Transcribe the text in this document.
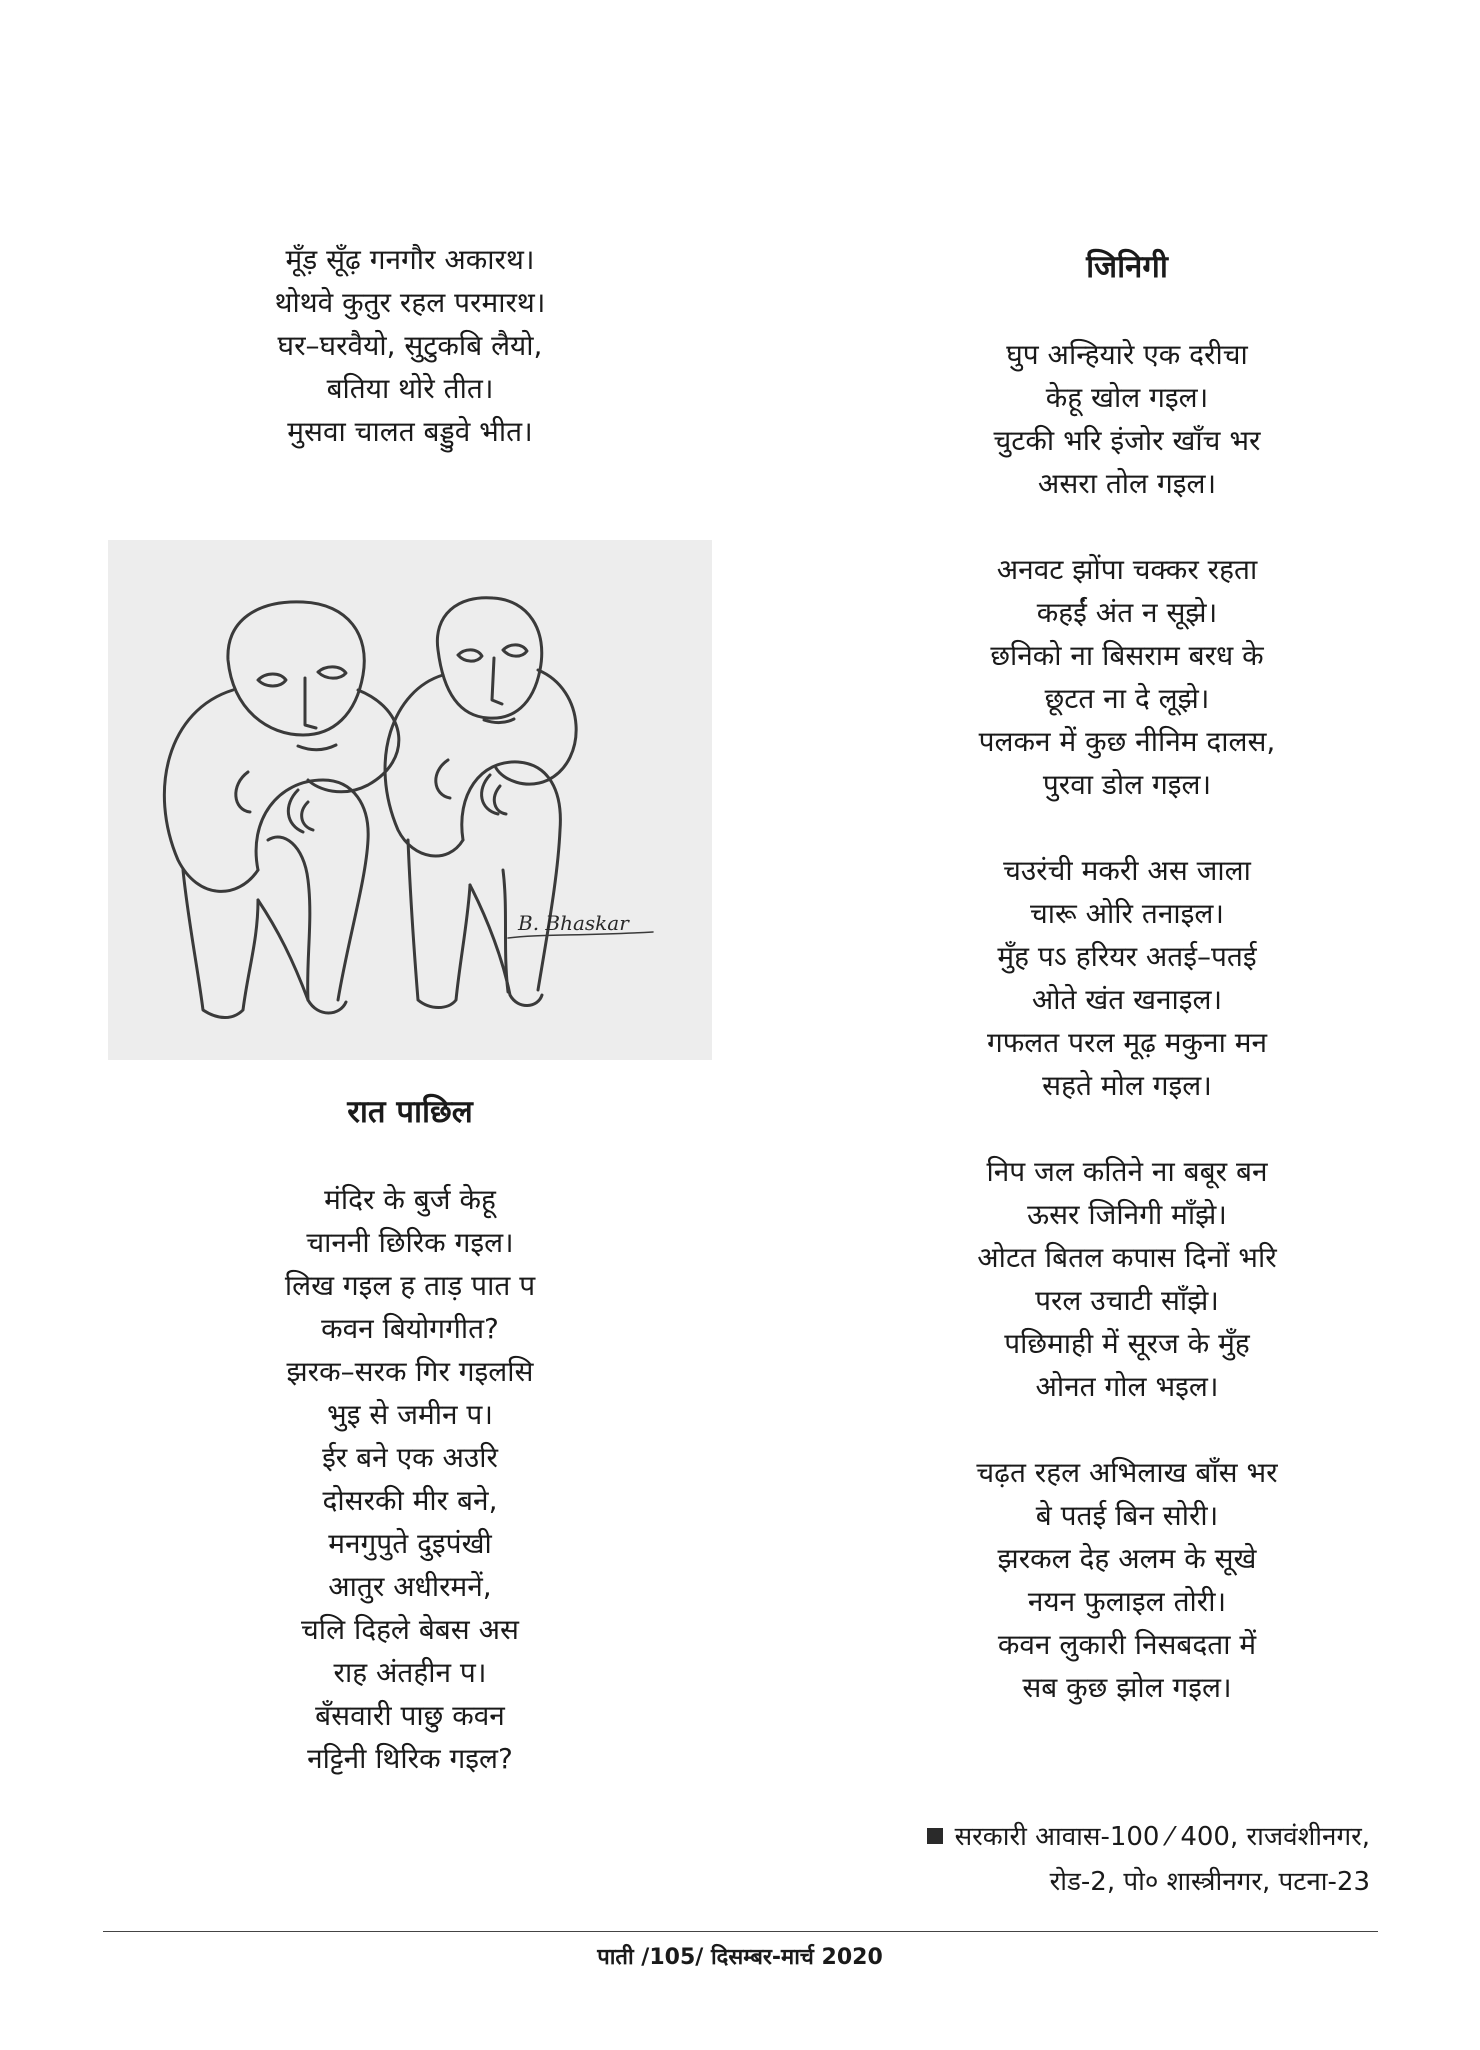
मूँड़ सूँढ़ गनगौर अकारथ।
थोथवे कुतुर रहल परमारथ।
घर–घरवैयो, सुटुकबि लैयो,
बतिया थोरे तीत।
मुसवा चालत बड्डुवे भीत।
B. Bhaskar
रात पाछिल
मंदिर के बुर्ज केहू
चाननी छिरिक गइल।
लिख गइल ह ताड़ पात प
कवन बियोगगीत?
झरक–सरक गिर गइलसि
भुइ से जमीन प।
ईर बने एक अउरि
दोसरकी मीर बने,
मनगुपुते दुइपंखी
आतुर अधीरमनें,
चलि दिहले बेबस अस
राह अंतहीन प।
बँसवारी पाछु कवन
नट्टिनी थिरिक गइल?
जिनिगी
घुप अन्हियारे एक दरीचा
केहू खोल गइल।
चुटकी भरि इंजोर खाँच भर
असरा तोल गइल।
अनवट झोंपा चक्कर रहता
कहईं अंत न सूझे।
छनिको ना बिसराम बरध के
छूटत ना दे लूझे।
पलकन में कुछ नीनिम दालस,
पुरवा डोल गइल।
चउरंची मकरी अस जाला
चारू ओरि तनाइल।
मुँह पऽ हरियर अतई–पतई
ओते खंत खनाइल।
गफलत परल मूढ़ मकुना मन
सहते मोल गइल।
निप जल कतिने ना बबूर बन
ऊसर जिनिगी माँझे।
ओटत बितल कपास दिनों भरि
परल उचाटी साँझे।
पछिमाही में सूरज के मुँह
ओनत गोल भइल।
चढ़त रहल अभिलाख बाँस भर
बे पतई बिन सोरी।
झरकल देह अलम के सूखे
नयन फुलाइल तोरी।
कवन लुकारी निसबदता में
सब कुछ झोल गइल।
सरकारी आवास-100 ⁄ 400, राजवंशीनगर,
रोड-2, पो० शास्त्रीनगर, पटना-23
पाती /105/ दिसम्बर-मार्च 2020
